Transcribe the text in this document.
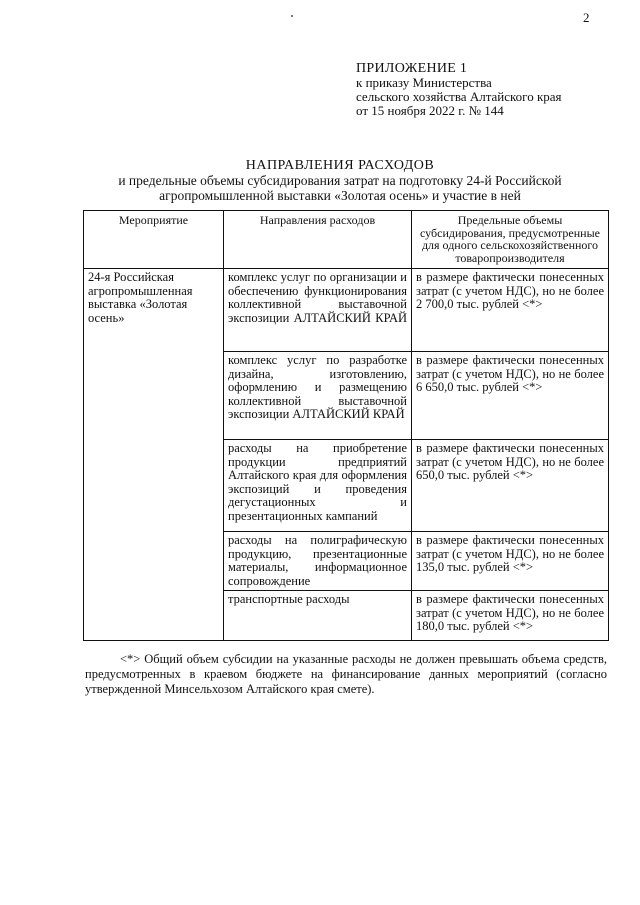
2
ПРИЛОЖЕНИЕ 1
к приказу Министерства
сельского хозяйства Алтайского края
от 15 ноября 2022 г. № 144
НАПРАВЛЕНИЯ РАСХОДОВ
и предельные объемы субсидирования затрат на подготовку 24-й Российской
агропромышленной выставки «Золотая осень» и участие в ней
Мероприятие	Направления расходов	Предельные объемы субсидирования, предусмотренные для одного сельскохозяйственного товаропроизводителя
24-я Российская агропромышленная выставка «Золотая осень»	комплекс услуг по организации и обеспечению функционирования коллективной выставочной экспозиции АЛТАЙСКИЙ КРАЙ	в размере фактически понесенных затрат (с учетом НДС), но не более 2 700,0 тыс. рублей <*>
	комплекс услуг по разработке дизайна, изготовлению, оформлению и размещению коллективной выставочной экспозиции АЛТАЙСКИЙ КРАЙ	в размере фактически понесенных затрат (с учетом НДС), но не более 6 650,0 тыс. рублей <*>
	расходы на приобретение продукции предприятий Алтайского края для оформления экспозиций и проведения дегустационных и презентационных кампаний	в размере фактически понесенных затрат (с учетом НДС), но не более 650,0 тыс. рублей <*>
	расходы на полиграфическую продукцию, презентационные материалы, информационное сопровождение	в размере фактически понесенных затрат (с учетом НДС), но не более 135,0 тыс. рублей <*>
	транспортные расходы	в размере фактически понесенных затрат (с учетом НДС), но не более 180,0 тыс. рублей <*>
<*> Общий объем субсидии на указанные расходы не должен превышать объема средств, предусмотренных в краевом бюджете на финансирование данных мероприятий (согласно утвержденной Минсельхозом Алтайского края смете).
